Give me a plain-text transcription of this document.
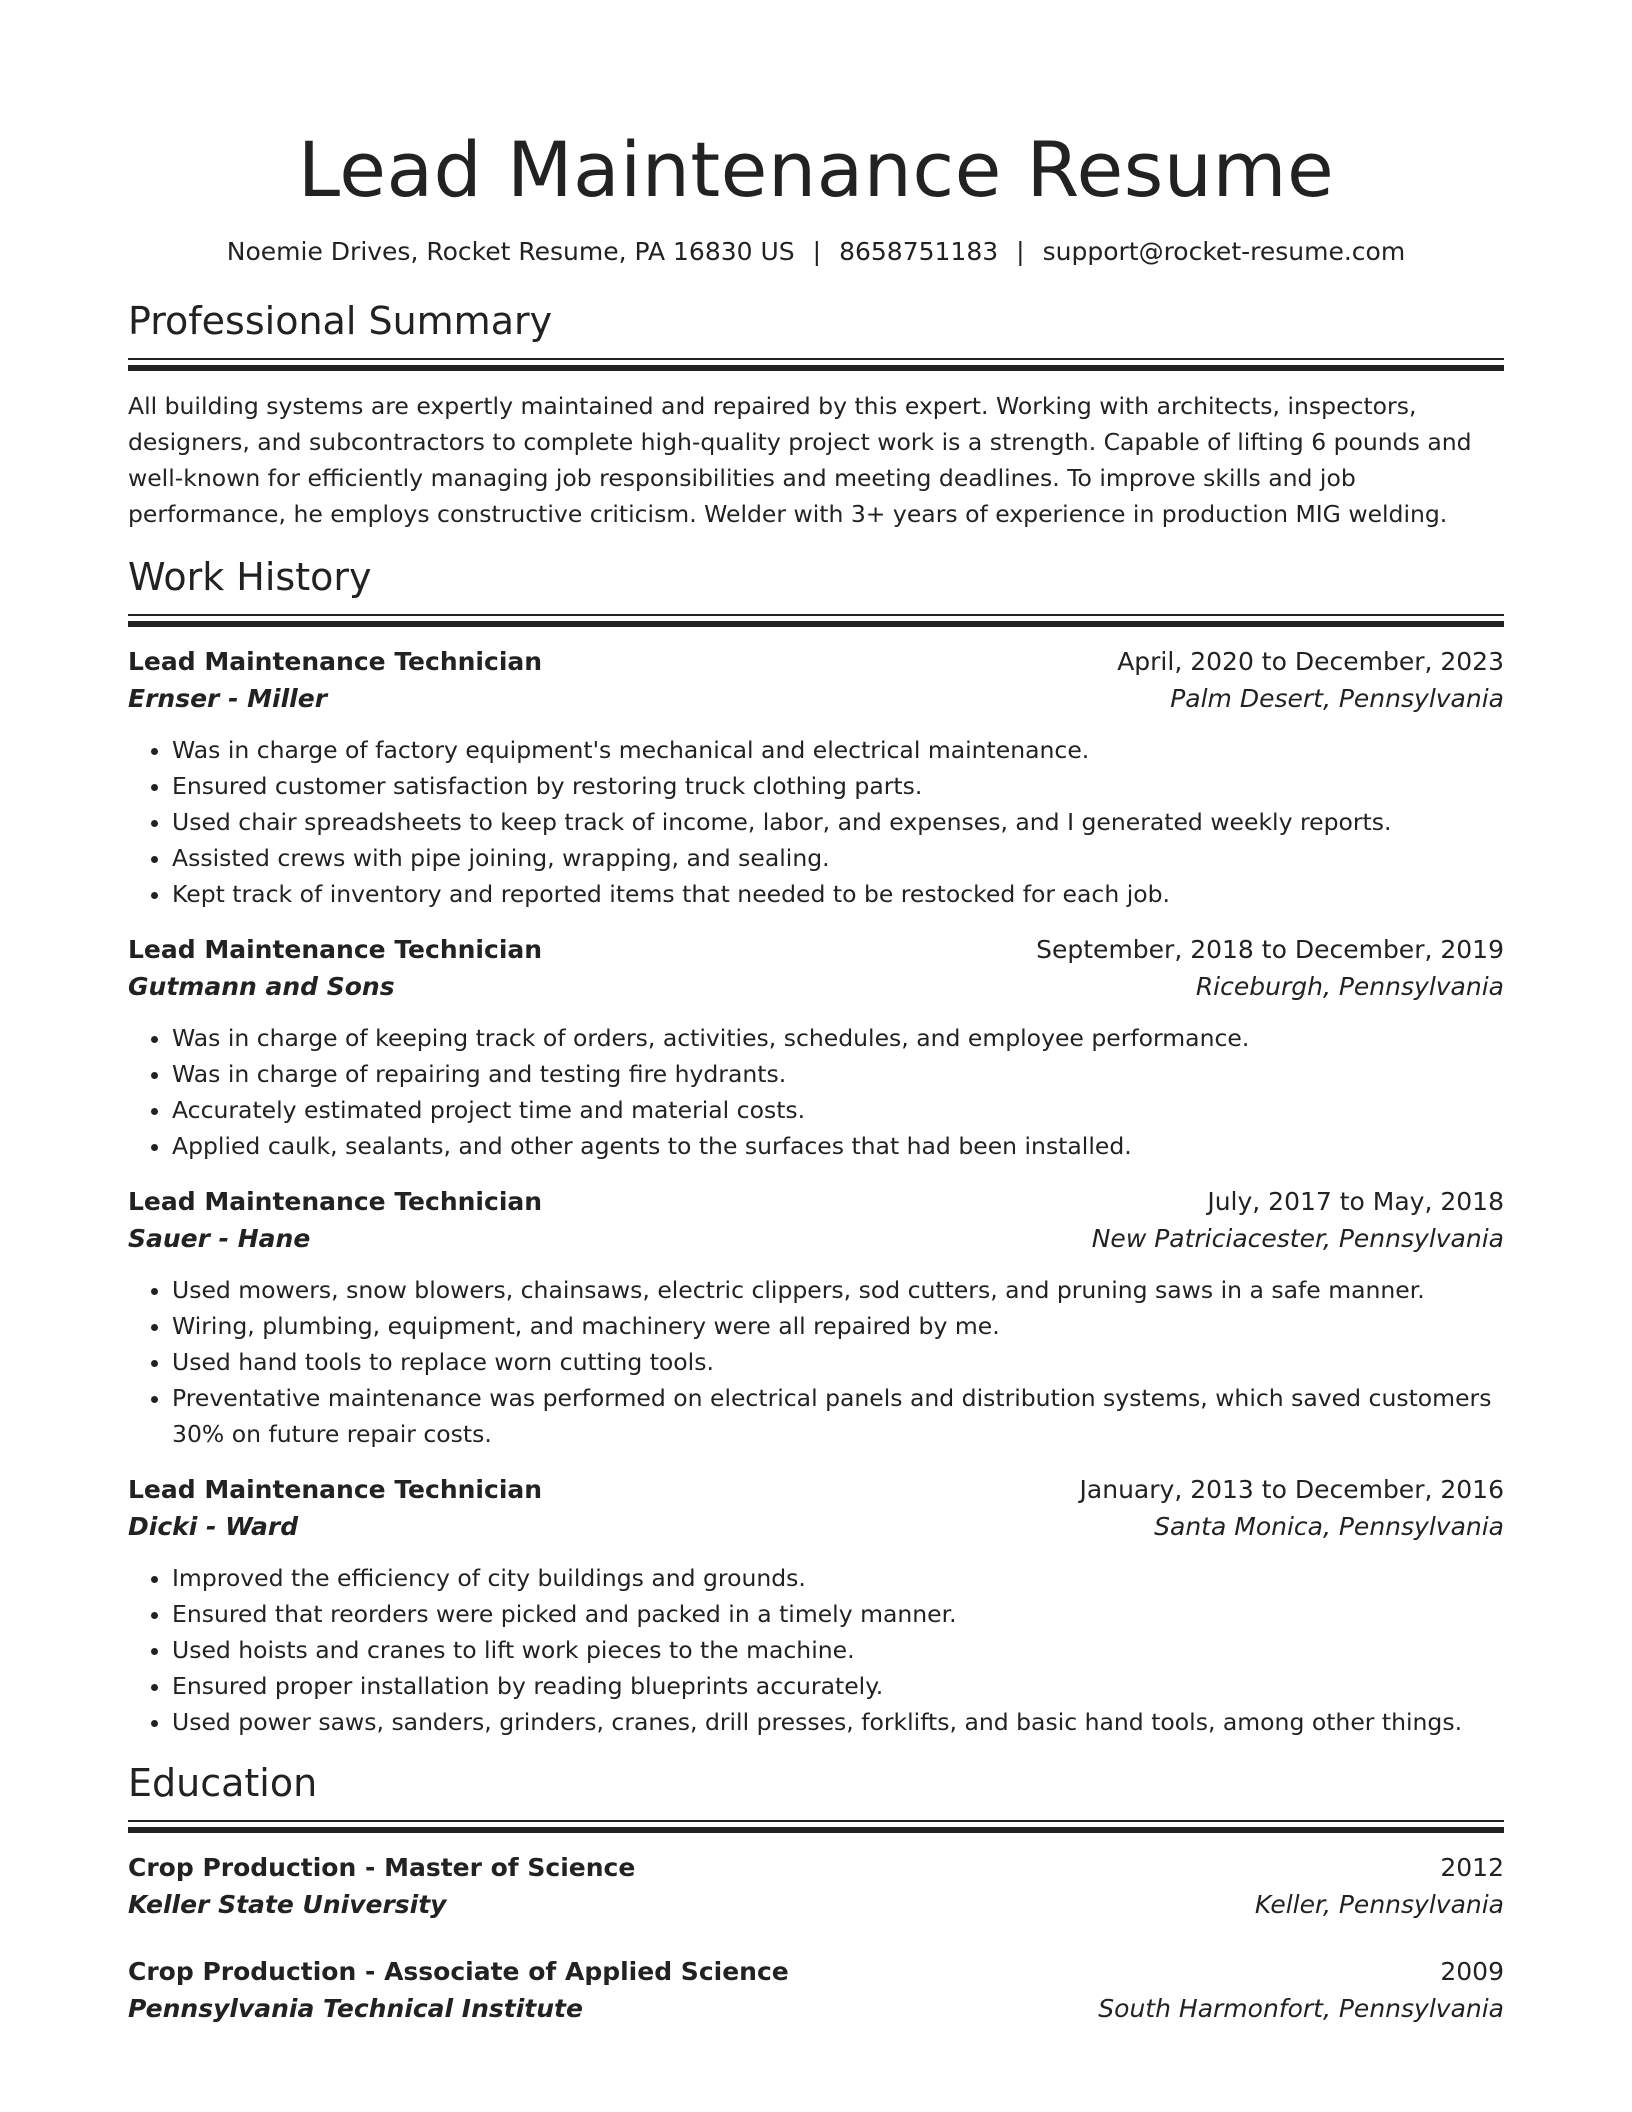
Lead Maintenance Resume
Noemie Drives, Rocket Resume, PA 16830 US | 8658751183 | support@rocket-resume.com
Professional Summary

All building systems are expertly maintained and repaired by this expert. Working with architects, inspectors, designers, and subcontractors to complete high-quality project work is a strength. Capable of lifting 6 pounds and well-known for efficiently managing job responsibilities and meeting deadlines. To improve skills and job performance, he employs constructive criticism. Welder with 3+ years of experience in production MIG welding.

Work History
Lead Maintenance Technician	April, 2020 to December, 2023
Ernser - Miller	Palm Desert, Pennsylvania
• Was in charge of factory equipment's mechanical and electrical maintenance.
• Ensured customer satisfaction by restoring truck clothing parts.
• Used chair spreadsheets to keep track of income, labor, and expenses, and I generated weekly reports.
• Assisted crews with pipe joining, wrapping, and sealing.
• Kept track of inventory and reported items that needed to be restocked for each job.
Lead Maintenance Technician	September, 2018 to December, 2019
Gutmann and Sons	Riceburgh, Pennsylvania
• Was in charge of keeping track of orders, activities, schedules, and employee performance.
• Was in charge of repairing and testing fire hydrants.
• Accurately estimated project time and material costs.
• Applied caulk, sealants, and other agents to the surfaces that had been installed.
Lead Maintenance Technician	July, 2017 to May, 2018
Sauer - Hane	New Patriciacester, Pennsylvania
• Used mowers, snow blowers, chainsaws, electric clippers, sod cutters, and pruning saws in a safe manner.
• Wiring, plumbing, equipment, and machinery were all repaired by me.
• Used hand tools to replace worn cutting tools.
• Preventative maintenance was performed on electrical panels and distribution systems, which saved customers 30% on future repair costs.
Lead Maintenance Technician	January, 2013 to December, 2016
Dicki - Ward	Santa Monica, Pennsylvania
• Improved the efficiency of city buildings and grounds.
• Ensured that reorders were picked and packed in a timely manner.
• Used hoists and cranes to lift work pieces to the machine.
• Ensured proper installation by reading blueprints accurately.
• Used power saws, sanders, grinders, cranes, drill presses, forklifts, and basic hand tools, among other things.
Education
Crop Production - Master of Science	2012
Keller State University	Keller, Pennsylvania
Crop Production - Associate of Applied Science	2009
Pennsylvania Technical Institute	South Harmonfort, Pennsylvania
